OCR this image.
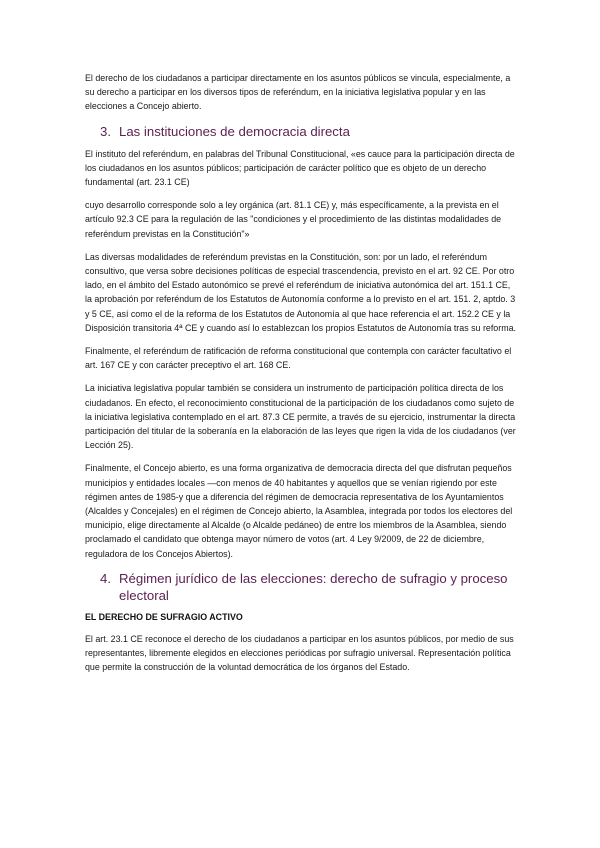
El derecho de los ciudadanos a participar directamente en los asuntos públicos se vincula, especialmente, a su derecho a participar en los diversos tipos de referéndum, en la iniciativa legislativa popular y en las elecciones a Concejo abierto.

3. Las instituciones de democracia directa

El instituto del referéndum, en palabras del Tribunal Constitucional, «es cauce para la participación directa de los ciudadanos en los asuntos públicos; participación de carácter político que es objeto de un derecho fundamental (art. 23.1 CE)

cuyo desarrollo corresponde solo a ley orgánica (art. 81.1 CE) y, más específicamente, a la prevista en el artículo 92.3 CE para la regulación de las "condiciones y el procedimiento de las distintas modalidades de referéndum previstas en la Constitución"»

Las diversas modalidades de referéndum previstas en la Constitución, son: por un lado, el referéndum consultivo, que versa sobre decisiones políticas de especial trascendencia, previsto en el art. 92 CE. Por otro lado, en el ámbito del Estado autonómico se prevé el referéndum de iniciativa autonómica del art. 151.1 CE, la aprobación por referéndum de los Estatutos de Autonomía conforme a lo previsto en el art. 151. 2, aptdo. 3 y 5 CE, así como el de la reforma de los Estatutos de Autonomía al que hace referencia el art. 152.2 CE y la Disposición transitoria 4ª CE y cuando así lo establezcan los propios Estatutos de Autonomía tras su reforma.

Finalmente, el referéndum de ratificación de reforma constitucional que contempla con carácter facultativo el art. 167 CE y con carácter preceptivo el art. 168 CE.

La iniciativa legislativa popular también se considera un instrumento de participación política directa de los ciudadanos. En efecto, el reconocimiento constitucional de la participación de los ciudadanos como sujeto de la iniciativa legislativa contemplado en el art. 87.3 CE permite, a través de su ejercicio, instrumentar la directa participación del titular de la soberanía en la elaboración de las leyes que rigen la vida de los ciudadanos (ver Lección 25).

Finalmente, el Concejo abierto, es una forma organizativa de democracia directa del que disfrutan pequeños municipios y entidades locales —con menos de 40 habitantes y aquellos que se venían rigiendo por este régimen antes de 1985-y que a diferencia del régimen de democracia representativa de los Ayuntamientos (Alcaldes y Concejales) en el régimen de Concejo abierto, la Asamblea, integrada por todos los electores del municipio, elige directamente al Alcalde (o Alcalde pedáneo) de entre los miembros de la Asamblea, siendo proclamado el candidato que obtenga mayor número de votos (art. 4 Ley 9/2009, de 22 de diciembre, reguladora de los Concejos Abiertos).

4. Régimen jurídico de las elecciones: derecho de sufragio y proceso electoral
EL DERECHO DE SUFRAGIO ACTIVO

El art. 23.1 CE reconoce el derecho de los ciudadanos a participar en los asuntos públicos, por medio de sus representantes, libremente elegidos en elecciones periódicas por sufragio universal. Representación política que permite la construcción de la voluntad democrática de los órganos del Estado.
